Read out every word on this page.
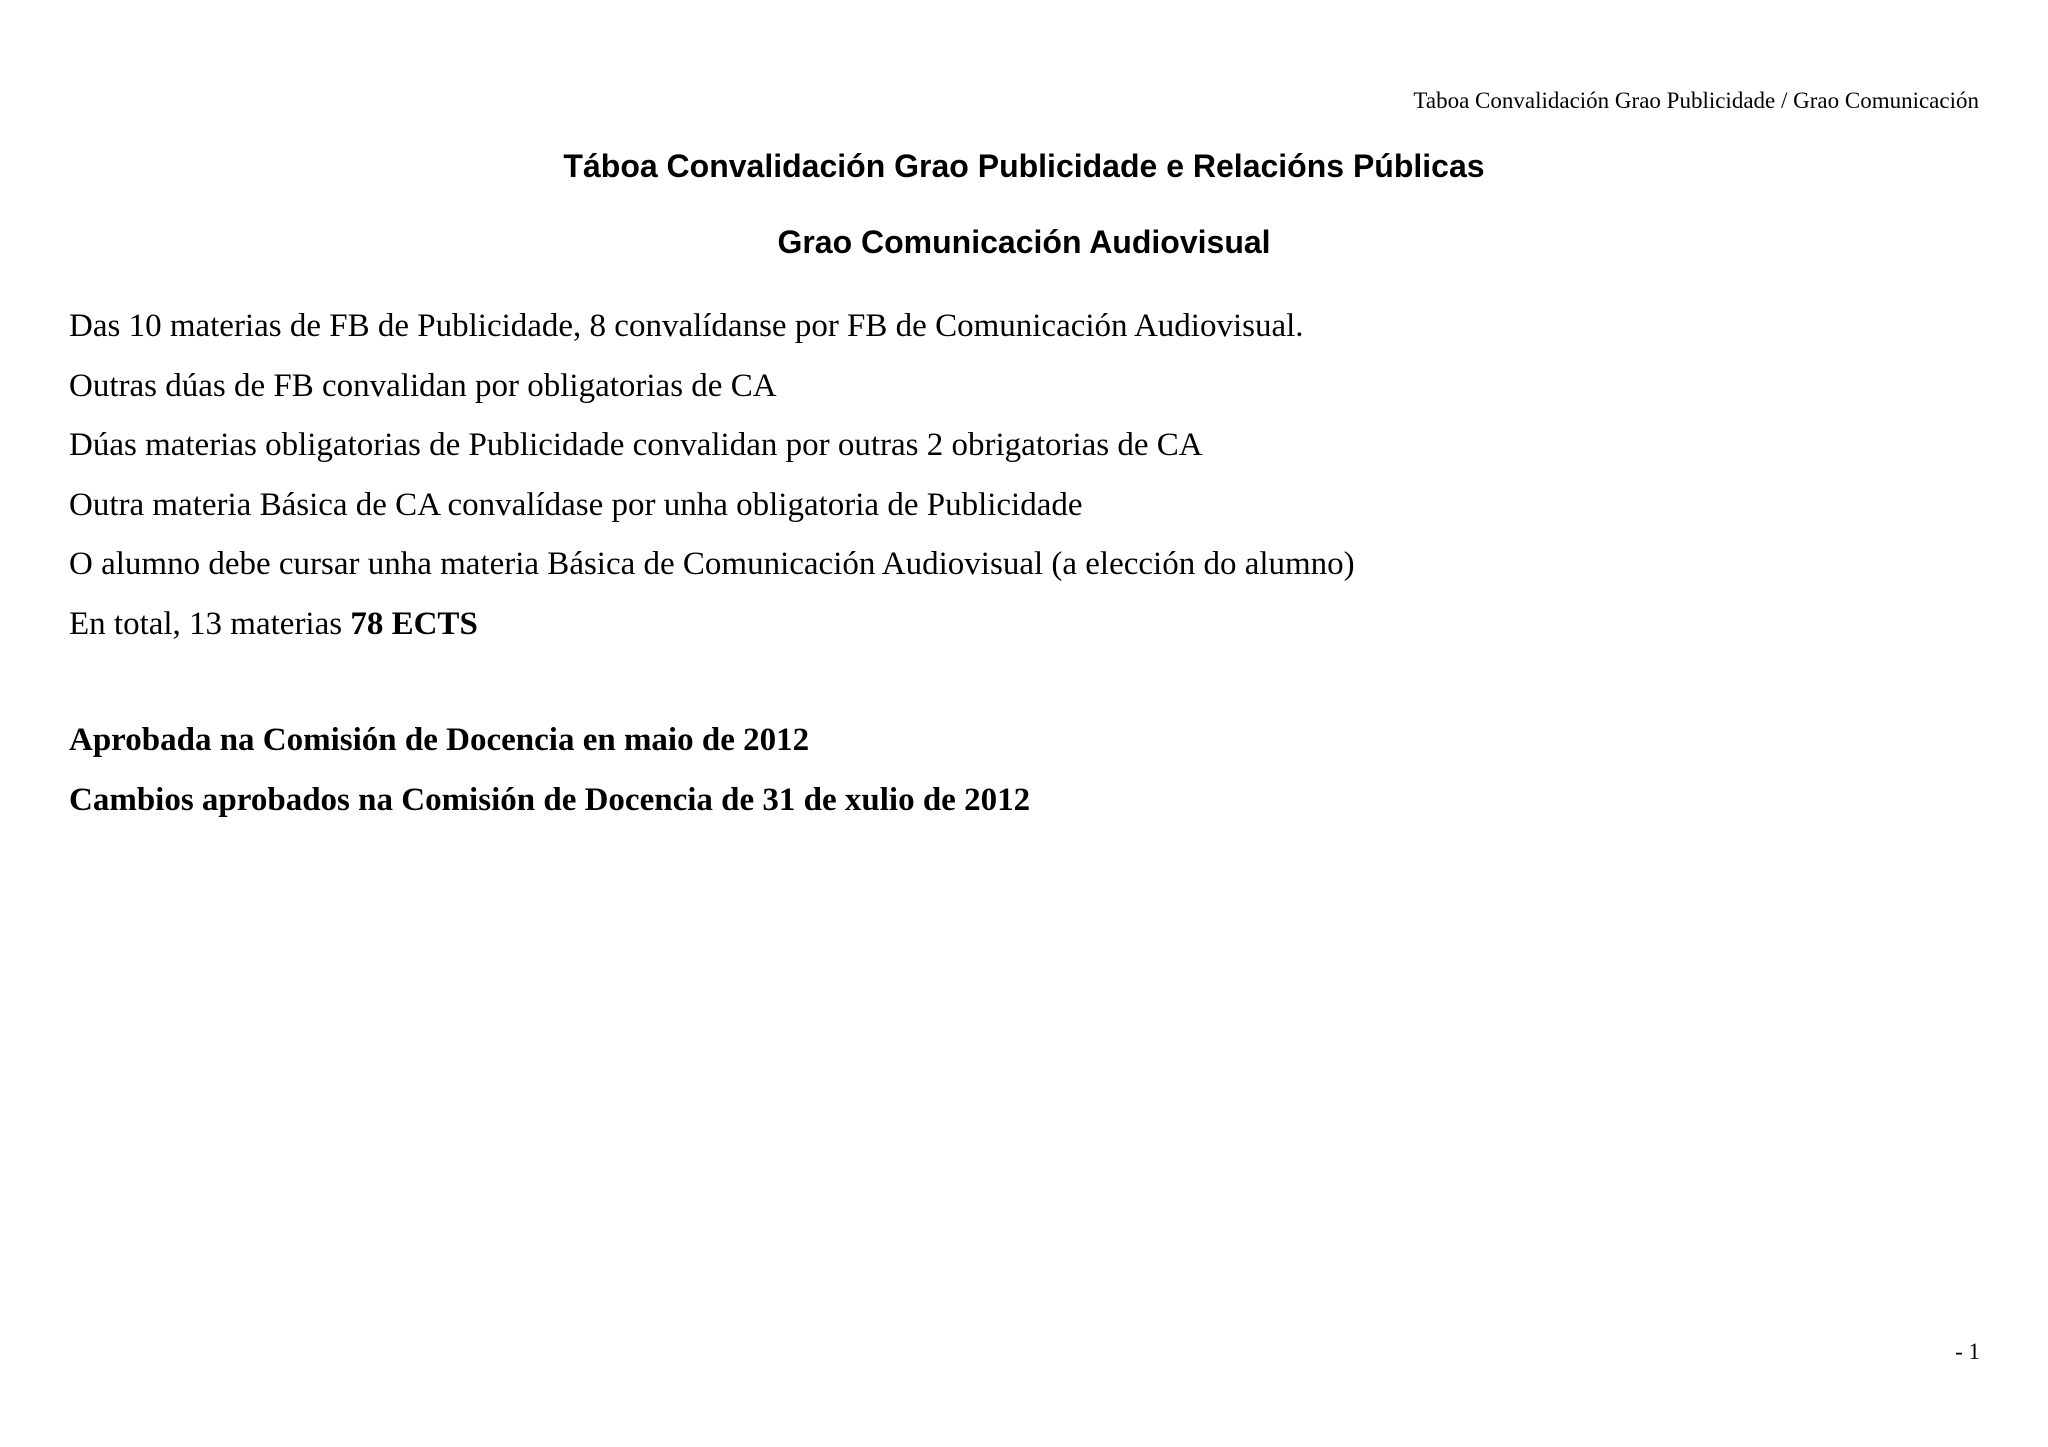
Taboa Convalidación Grao Publicidade / Grao Comunicación
Táboa Convalidación Grao Publicidade e Relacións Públicas
Grao Comunicación Audiovisual
Das 10 materias de FB de Publicidade, 8 convalídanse por FB de Comunicación Audiovisual.
Outras dúas de FB convalidan por obligatorias de CA
Dúas materias obligatorias de Publicidade convalidan por outras 2 obrigatorias de CA
Outra materia Básica de CA convalídase por unha obligatoria de Publicidade
O alumno debe cursar unha materia Básica de Comunicación Audiovisual (a elección do alumno)
En total, 13 materias 78 ECTS
Aprobada na Comisión de Docencia en maio de 2012
Cambios aprobados na Comisión de Docencia de 31 de xulio de 2012
- 1
